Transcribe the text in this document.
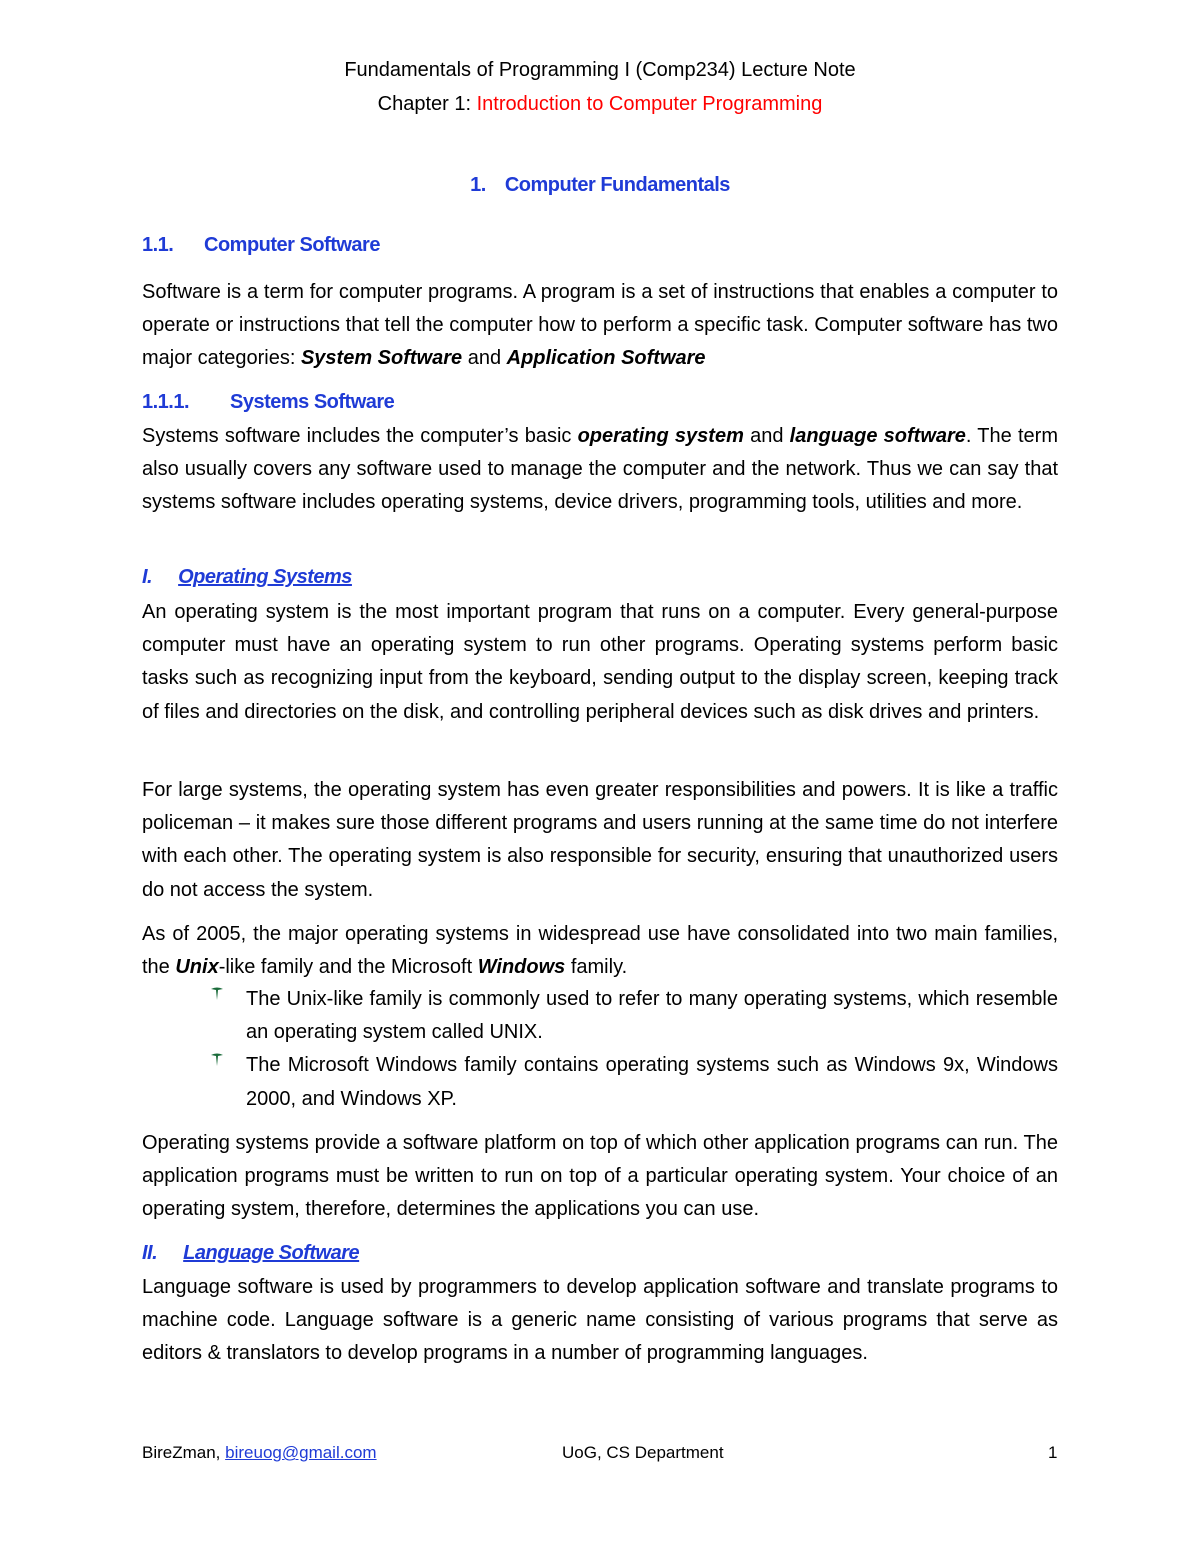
Fundamentals of Programming I (Comp234) Lecture Note
Chapter 1: Introduction to Computer Programming
1. Computer Fundamentals
1.1. Computer Software

Software is a term for computer programs. A program is a set of instructions that enables a computer to operate or instructions that tell the computer how to perform a specific task. Computer software has two major categories: System Software and Application Software

1.1.1. Systems Software

Systems software includes the computer’s basic operating system and language software. The term also usually covers any software used to manage the computer and the network. Thus we can say that systems software includes operating systems, device drivers, programming tools, utilities and more.

I. Operating Systems

An operating system is the most important program that runs on a computer. Every general-purpose computer must have an operating system to run other programs. Operating systems perform basic tasks such as recognizing input from the keyboard, sending output to the display screen, keeping track of files and directories on the disk, and controlling peripheral devices such as disk drives and printers.

For large systems, the operating system has even greater responsibilities and powers. It is like a traffic policeman – it makes sure those different programs and users running at the same time do not interfere with each other. The operating system is also responsible for security, ensuring that unauthorized users do not access the system.

As of 2005, the major operating systems in widespread use have consolidated into two main families, the Unix-like family and the Microsoft Windows family.

The Unix-like family is commonly used to refer to many operating systems, which resemble an operating system called UNIX.
The Microsoft Windows family contains operating systems such as Windows 9x, Windows 2000, and Windows XP.

Operating systems provide a software platform on top of which other application programs can run. The application programs must be written to run on top of a particular operating system. Your choice of an operating system, therefore, determines the applications you can use.

II. Language Software

Language software is used by programmers to develop application software and translate programs to machine code. Language software is a generic name consisting of various programs that serve as editors & translators to develop programs in a number of programming languages.

BireZman, bireuog@gmail.com	UoG, CS Department	1
